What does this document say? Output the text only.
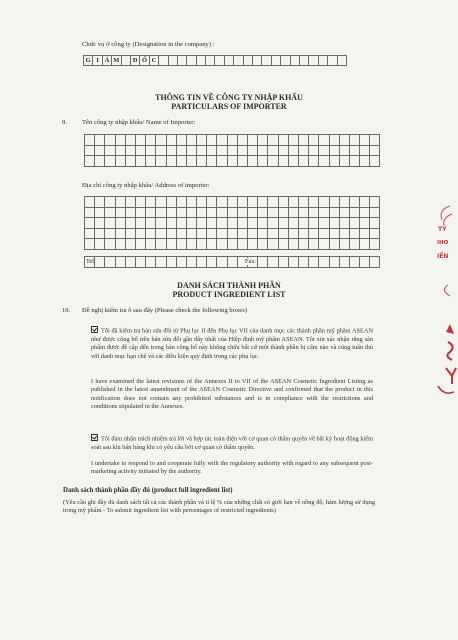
Chức vụ ở công ty (Designation in the company) :
G I Á M	Đ Ố C
THÔNG TIN VỀ CÔNG TY NHẬP KHẨU
PARTICULARS OF IMPORTER
9. Tên công ty nhập khẩu/ Name of Importer:

Địa chỉ công ty nhập khẩu/ Address of importer:

Tel:	Fax:
DANH SÁCH THÀNH PHẦN
PRODUCT INGREDIENT LIST
10. Đề nghị kiểm tra ô sau đây (Please check the following boxes)
Tôi đã kiểm tra bản sửa đổi từ Phụ lục II đến Phụ lục VII của danh mục các thành phần mỹ phẩm ASEAN như được công bố trên bản sửa đổi gần đây nhất của Hiệp định mỹ phẩm ASEAN. Tôi xin xác nhận rằng sản phẩm được đề cập đến trong bản công bố này không chứa bất cứ một thành phần bị cấm nào và cũng tuân thủ với danh mục hạn chế và các điều kiện quy định trong các phụ lục.
I have examined the latest revisions of the Annexes II to VII of the ASEAN Cosmetic Ingredient Listing as published in the latest amendment of the ASEAN Cosmetic Directive and confirmed that the product in this notification does not contain any prohibited substances and is in compliance with the restrictions and conditions stipulated in the Annexes.
Tôi đảm nhận trách nhiệm trả lời và hợp tác toàn diện với cơ quan có thẩm quyền về bất kỳ hoạt động kiểm soát sau khi bán hàng khi có yêu cầu bởi cơ quan có thẩm quyền.
I undertake to respond to and cooperate fully with the regulatory authority with regard to any subsequent post-marketing activity initiated by the authority.
Danh sách thành phần đầy đủ (product full ingredient list)
(Yêu cầu ghi đầy đủ danh sách tất cả các thành phần và tỉ lệ % của những chất có giới hạn về nồng độ, hàm lượng sử dụng trong mỹ phẩm - To submit ingredient list with percentages of restricted ingredients)
TY
IHO
IỀN
